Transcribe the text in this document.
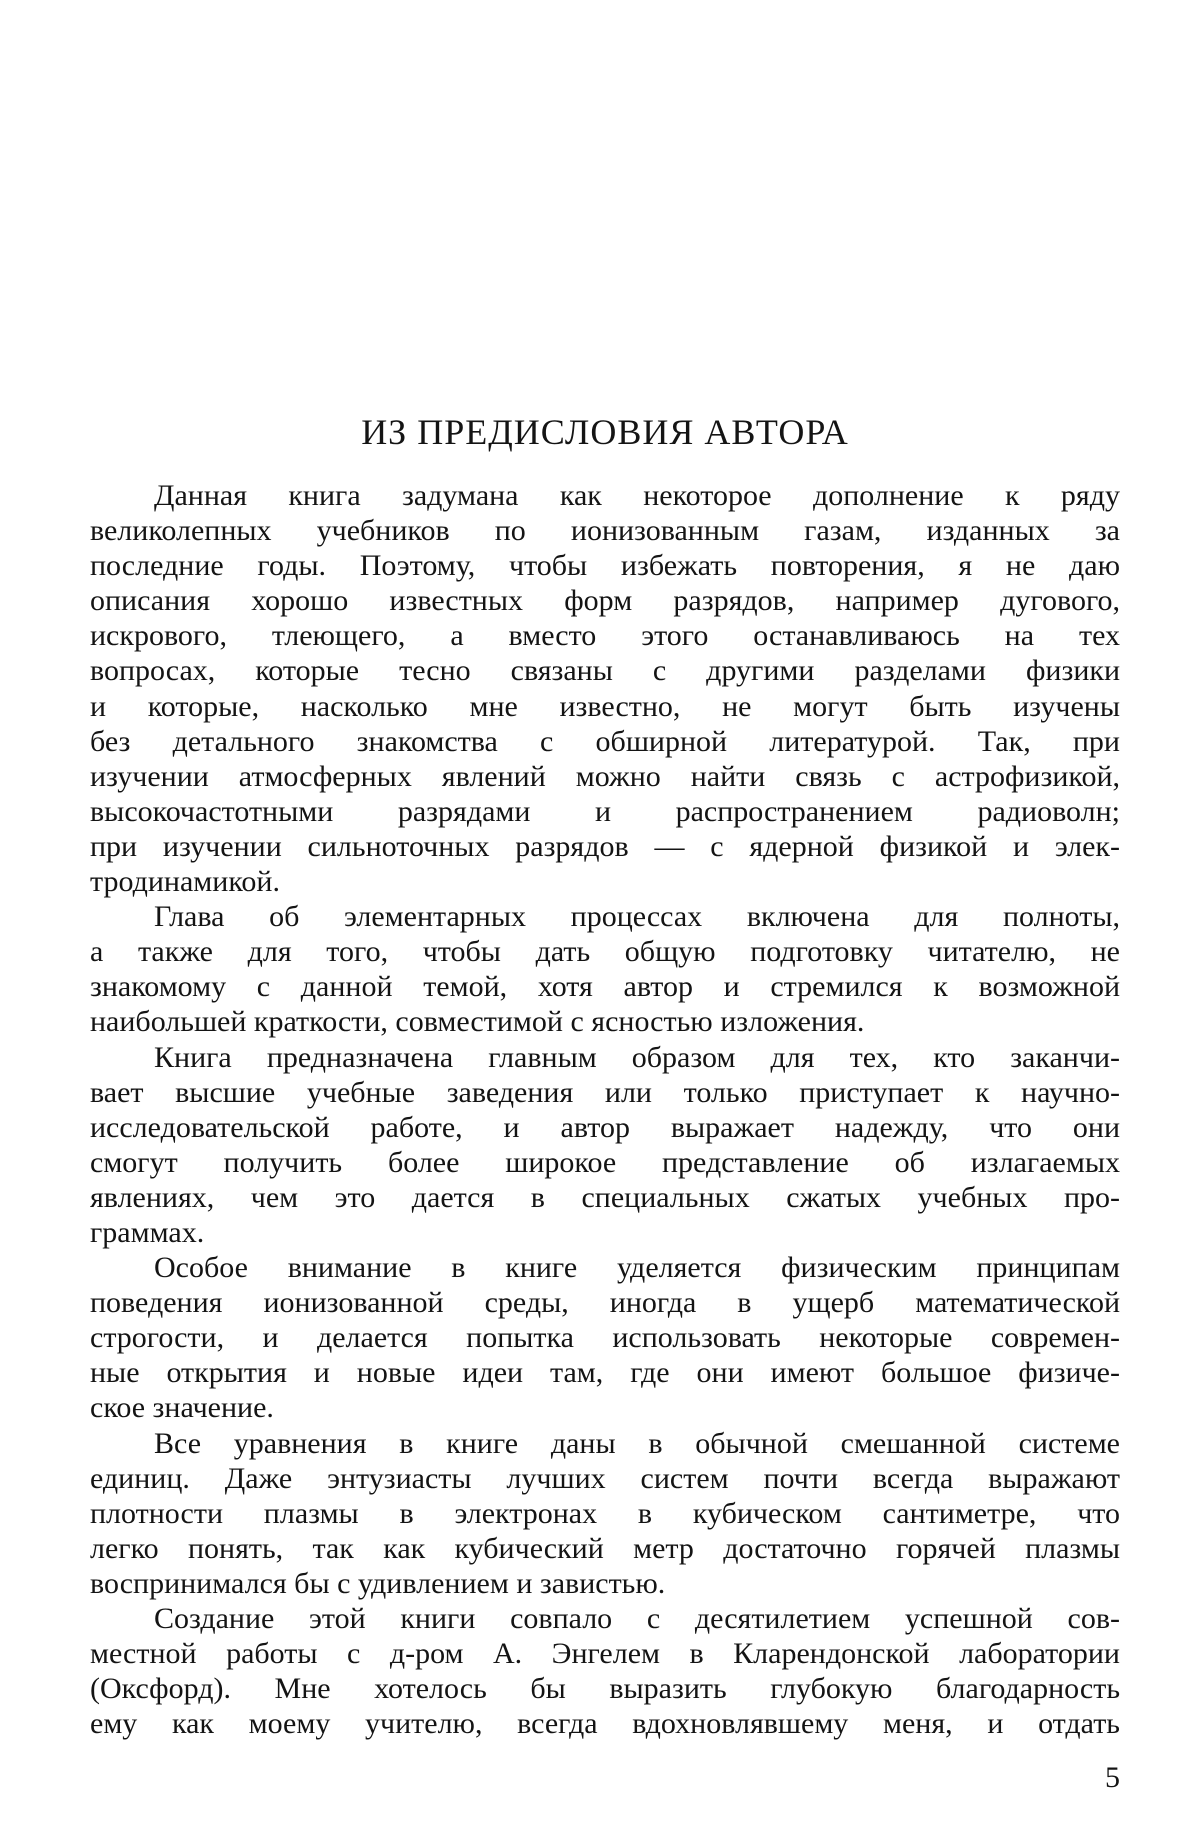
ИЗ ПРЕДИСЛОВИЯ АВТОРА
Данная книга задумана как некоторое дополнение к ряду
великолепных учебников по ионизованным газам, изданных за
последние годы. Поэтому, чтобы избежать повторения, я не даю
описания хорошо известных форм разрядов, например дугового,
искрового, тлеющего, а вместо этого останавливаюсь на тех
вопросах, которые тесно связаны с другими разделами физики
и которые, насколько мне известно, не могут быть изучены
без детального знакомства с обширной литературой. Так, при
изучении атмосферных явлений можно найти связь с астрофизикой,
высокочастотными разрядами и распространением радиоволн;
при изучении сильноточных разрядов — с ядерной физикой и элек-
тродинамикой.
Глава об элементарных процессах включена для полноты,
а также для того, чтобы дать общую подготовку читателю, не
знакомому с данной темой, хотя автор и стремился к возможной
наибольшей краткости, совместимой с ясностью изложения.
Книга предназначена главным образом для тех, кто заканчи-
вает высшие учебные заведения или только приступает к научно-
исследовательской работе, и автор выражает надежду, что они
смогут получить более широкое представление об излагаемых
явлениях, чем это дается в специальных сжатых учебных про-
граммах.
Особое внимание в книге уделяется физическим принципам
поведения ионизованной среды, иногда в ущерб математической
строгости, и делается попытка использовать некоторые современ-
ные открытия и новые идеи там, где они имеют большое физиче-
ское значение.
Все уравнения в книге даны в обычной смешанной системе
единиц. Даже энтузиасты лучших систем почти всегда выражают
плотности плазмы в электронах в кубическом сантиметре, что
легко понять, так как кубический метр достаточно горячей плазмы
воспринимался бы с удивлением и завистью.
Создание этой книги совпало с десятилетием успешной сов-
местной работы с д-ром А. Энгелем в Кларендонской лаборатории
(Оксфорд). Мне хотелось бы выразить глубокую благодарность
ему как моему учителю, всегда вдохновлявшему меня, и отдать
5
